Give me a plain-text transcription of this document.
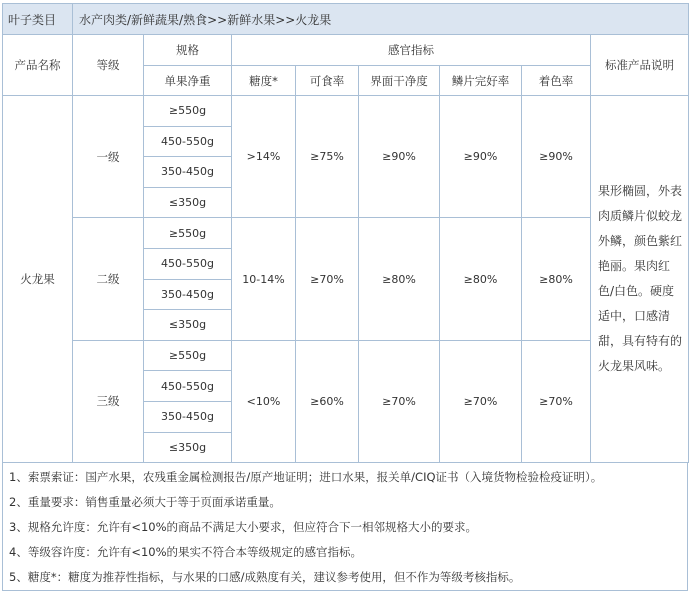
叶子类目	水产肉类/新鲜蔬果/熟食>>新鲜水果>>火龙果							
产品名称	等级	规格	感官指标					标准产品说明
		单果净重	糖度*	可食率	界面干净度	鳞片完好率	着色率	
火龙果	一级	≥550g	>14%	≥75%	≥90%	≥90%	≥90%	果形椭圆，外表肉质鳞片似蛟龙外鳞，颜色紫红艳丽。果肉红色/白色。硬度适中，口感清甜，具有特有的火龙果风味。
		450-550g						
		350-450g						
		≤350g						
	二级	≥550g	10-14%	≥70%	≥80%	≥80%	≥80%	
		450-550g						
		350-450g						
		≤350g						
	三级	≥550g	<10%	≥60%	≥70%	≥70%	≥70%	
		450-550g						
		350-450g						
		≤350g						
1、索票索证：国产水果，农残重金属检测报告/原产地证明；进口水果，报关单/CIQ证书（入境货物检验检疫证明）。
2、重量要求：销售重量必须大于等于页面承诺重量。
3、规格允许度：允许有<10%的商品不满足大小要求，但应符合下一相邻规格大小的要求。
4、等级容许度：允许有<10%的果实不符合本等级规定的感官指标。
5、糖度*：糖度为推荐性指标，与水果的口感/成熟度有关，建议参考使用，但不作为等级考核指标。
